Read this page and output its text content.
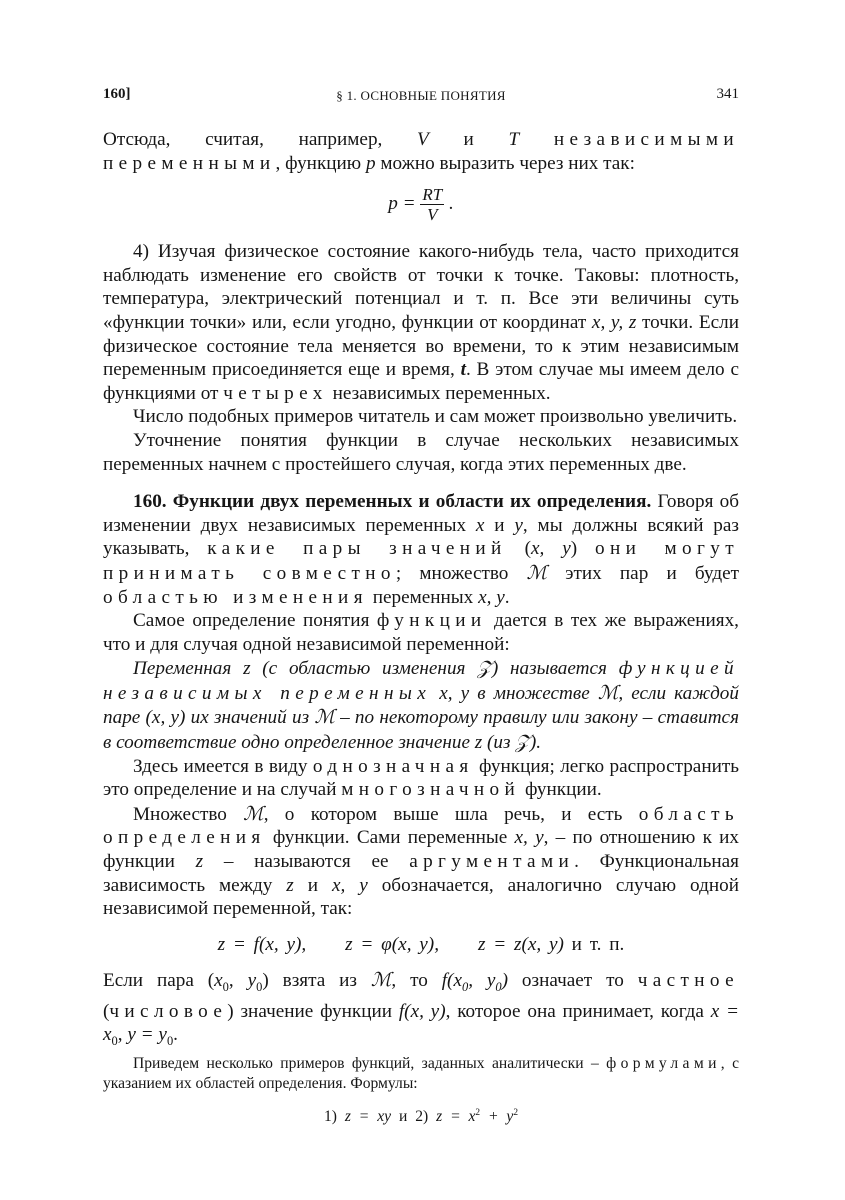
160]	§ 1. ОСНОВНЫЕ ПОНЯТИЯ	341

Отсюда, считая, например, V и T независимыми переменными, функцию p можно выразить через них так:

$p = \frac{RT}{V}$ .

4) Изучая физическое состояние какого-нибудь тела, часто приходится наблюдать изменение его свойств от точки к точке. Таковы: плотность, температура, электрический потенциал и т. п. Все эти величины суть «функции точки» или, если угодно, функции от координат x, y, z точки. Если физическое состояние тела меняется во времени, то к этим независимым переменным присоединяется еще и время, t. В этом случае мы имеем дело с функциями от четырех независимых переменных.

Число подобных примеров читатель и сам может произвольно увеличить.

Уточнение понятия функции в случае нескольких независимых переменных начнем с простейшего случая, когда этих переменных две.

160. Функции двух переменных и области их определения. Говоря об изменении двух независимых переменных x и y, мы должны всякий раз указывать, какие пары значений (x, y) они могут принимать совместно; множество ℳ этих пар и будет областью изменения переменных x, y.

Самое определение понятия функции дается в тех же выражениях, что и для случая одной независимой переменной:

Переменная z (с областью изменения 𝒵) называется функцией независимых переменных x, y в множестве ℳ, если каждой паре (x, y) их значений из ℳ – по некоторому правилу или закону – ставится в соответствие одно определенное значение z (из 𝒵).

Здесь имеется в виду однозначная функция; легко распространить это определение и на случай многозначной функции.

Множество ℳ, о котором выше шла речь, и есть область определения функции. Сами переменные x, y, – по отношению к их функции z – называются ее аргументами. Функциональная зависимость между z и x, y обозначается, аналогично случаю одной независимой переменной, так:

z = f(x, y), z = φ(x, y), z = z(x, y) и т. п.

Если пара ($x_0$, $y_0$) взята из ℳ, то $f(x_0$, $y_0$) означает то частное (числовое) значение функции f(x, y), которое она принимает, когда $x = x_0$, $y = y_0$.

Приведем несколько примеров функций, заданных аналитически – формулами, с указанием их областей определения. Формулы:

1) z = xy и 2) $z = x^2 + y^2$
